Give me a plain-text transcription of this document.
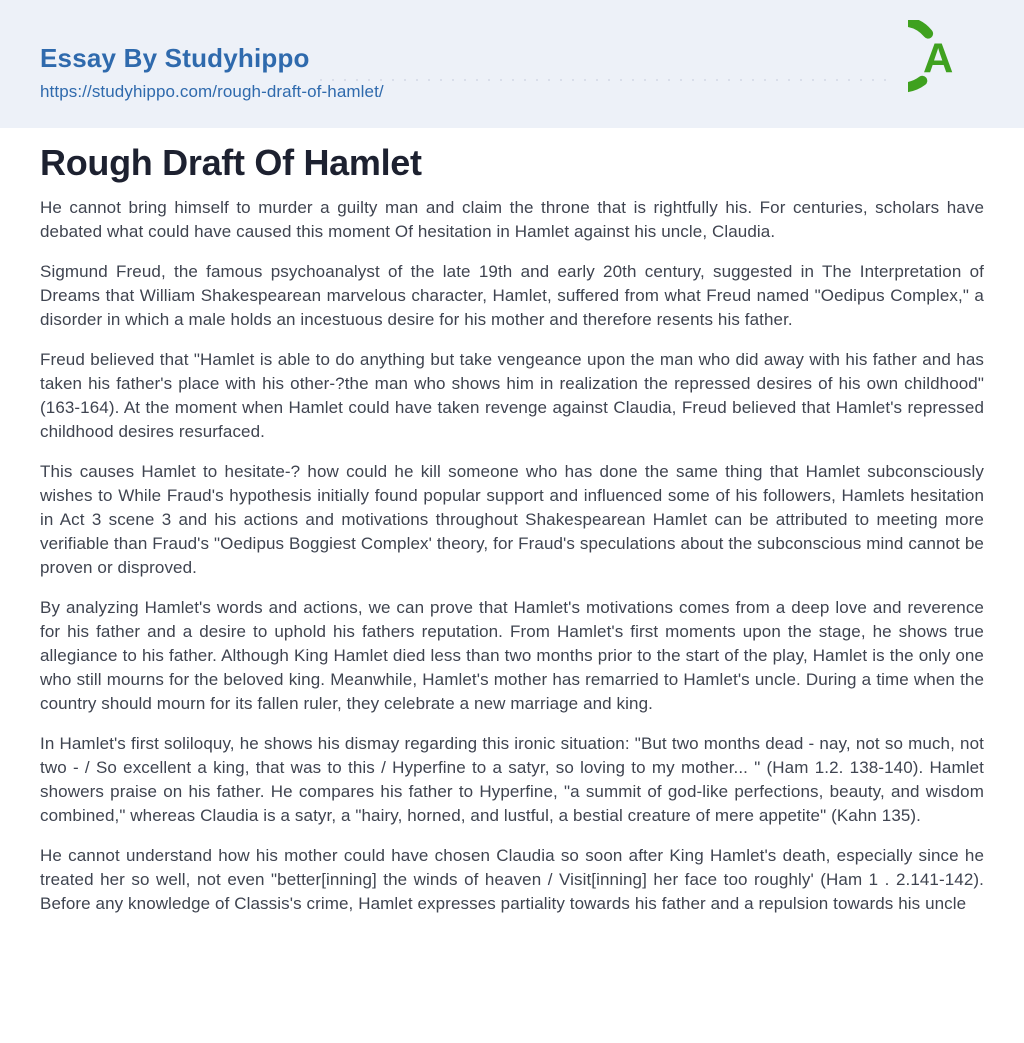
Essay By Studyhippo
https://studyhippo.com/rough-draft-of-hamlet/
A
Rough Draft Of Hamlet

He cannot bring himself to murder a guilty man and claim the throne that is rightfully his. For centuries, scholars have debated what could have caused this moment Of hesitation in Hamlet against his uncle, Claudia.

Sigmund Freud, the famous psychoanalyst of the late 19th and early 20th century, suggested in The Interpretation of Dreams that William Shakespearean marvelous character, Hamlet, suffered from what Freud named "Oedipus Complex," a disorder in which a male holds an incestuous desire for his mother and therefore resents his father.

Freud believed that "Hamlet is able to do anything but take vengeance upon the man who did away with his father and has taken his father's place with his other-?the man who shows him in realization the repressed desires of his own childhood" (163-164). At the moment when Hamlet could have taken revenge against Claudia, Freud believed that Hamlet's repressed childhood desires resurfaced.

This causes Hamlet to hesitate-? how could he kill someone who has done the same thing that Hamlet subconsciously wishes to While Fraud's hypothesis initially found popular support and influenced some of his followers, Hamlets hesitation in Act 3 scene 3 and his actions and motivations throughout Shakespearean Hamlet can be attributed to meeting more verifiable than Fraud's "Oedipus Boggiest Complex' theory, for Fraud's speculations about the subconscious mind cannot be proven or disproved.

By analyzing Hamlet's words and actions, we can prove that Hamlet's motivations comes from a deep love and reverence for his father and a desire to uphold his fathers reputation. From Hamlet's first moments upon the stage, he shows true allegiance to his father. Although King Hamlet died less than two months prior to the start of the play, Hamlet is the only one who still mourns for the beloved king. Meanwhile, Hamlet's mother has remarried to Hamlet's uncle. During a time when the country should mourn for its fallen ruler, they celebrate a new marriage and king.

In Hamlet's first soliloquy, he shows his dismay regarding this ironic situation: "But two months dead - nay, not so much, not two - / So excellent a king, that was to this / Hyperfine to a satyr, so loving to my mother... " (Ham 1.2. 138-140). Hamlet showers praise on his father. He compares his father to Hyperfine, "a summit of god-like perfections, beauty, and wisdom combined," whereas Claudia is a satyr, a "hairy, horned, and lustful, a bestial creature of mere appetite" (Kahn 135).

He cannot understand how his mother could have chosen Claudia so soon after King Hamlet's death, especially since he treated her so well, not even "better[inning] the winds of heaven / Visit[inning] her face too roughly' (Ham 1 . 2.141-142). Before any knowledge of Classis's crime, Hamlet expresses partiality towards his father and a repulsion towards his uncle
